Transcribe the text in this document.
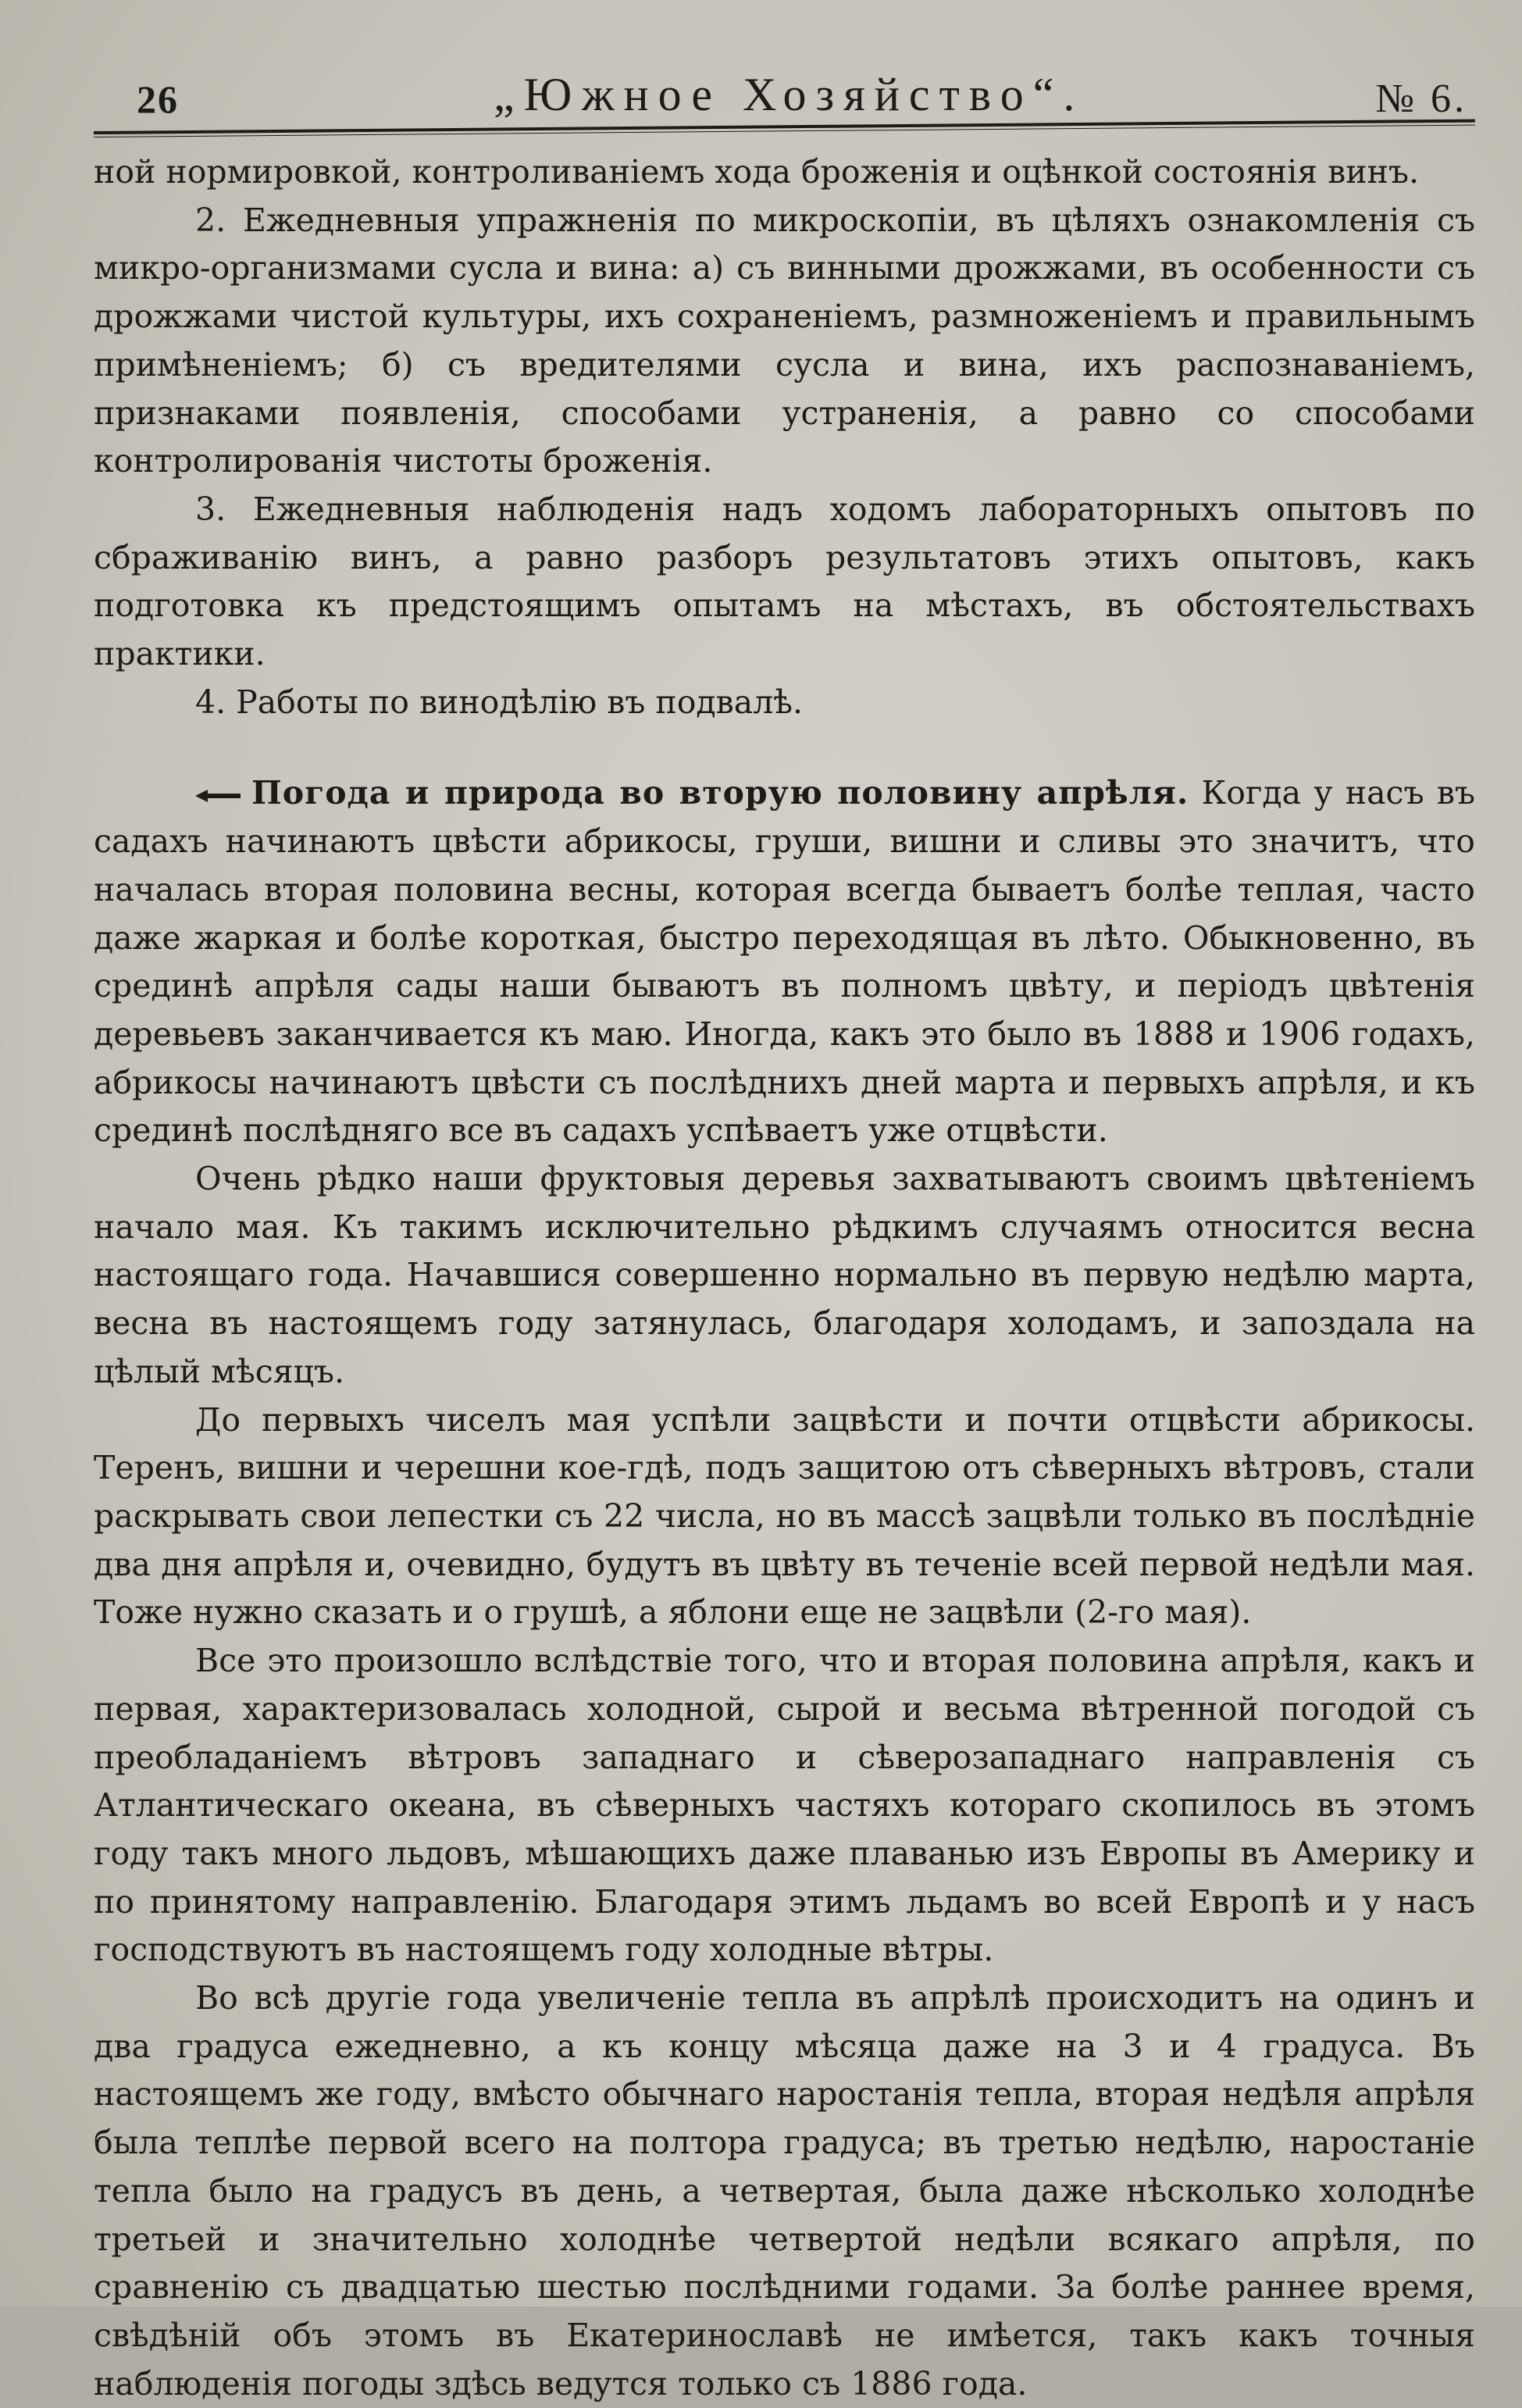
26	„Южное Хозяйство“.	№ 6.

ной нормировкой, контроливаніемъ хода броженія и оцѣнкой состоянія винъ.

2. Ежедневныя упражненія по микроскопіи, въ цѣляхъ ознакомленія съ микро-организмами сусла и вина: а) съ винными дрожжами, въ особенности съ дрожжами чистой культуры, ихъ сохраненіемъ, размноженіемъ и правильнымъ примѣненіемъ; б) съ вредителями сусла и вина, ихъ распознаваніемъ, признаками появленія, способами устраненія, а равно со способами контролированія чистоты броженія.

3. Ежедневныя наблюденія надъ ходомъ лабораторныхъ опытовъ по сбраживанію винъ, а равно разборъ результатовъ этихъ опытовъ, какъ подготовка къ предстоящимъ опытамъ на мѣстахъ, въ обстоятельствахъ практики.

4. Работы по винодѣлію въ подвалѣ.

Погода и природа во вторую половину апрѣля. Когда у насъ въ садахъ начинаютъ цвѣсти абрикосы, груши, вишни и сливы это значитъ, что началась вторая половина весны, которая всегда бываетъ болѣе теплая, часто даже жаркая и болѣе короткая, быстро переходящая въ лѣто. Обыкновенно, въ срединѣ апрѣля сады наши бываютъ въ полномъ цвѣту, и періодъ цвѣтенія деревьевъ заканчивается къ маю. Иногда, какъ это было въ 1888 и 1906 годахъ, абрикосы начинаютъ цвѣсти съ послѣднихъ дней марта и первыхъ апрѣля, и къ срединѣ послѣдняго все въ садахъ успѣваетъ уже отцвѣсти.

Очень рѣдко наши фруктовыя деревья захватываютъ своимъ цвѣтеніемъ начало мая. Къ такимъ исключительно рѣдкимъ случаямъ относится весна настоящаго года. Начавшися совершенно нормально въ первую недѣлю марта, весна въ настоящемъ году затянулась, благодаря холодамъ, и запоздала на цѣлый мѣсяцъ.

До первыхъ чиселъ мая успѣли зацвѣсти и почти отцвѣсти абрикосы. Теренъ, вишни и черешни кое-гдѣ, подъ защитою отъ сѣверныхъ вѣтровъ, стали раскрывать свои лепестки съ 22 числа, но въ массѣ зацвѣли только въ послѣдніе два дня апрѣля и, очевидно, будутъ въ цвѣту въ теченіе всей первой недѣли мая. Тоже нужно сказать и о грушѣ, а яблони еще не зацвѣли (2-го мая).

Все это произошло вслѣдствіе того, что и вторая половина апрѣля, какъ и первая, характеризовалась холодной, сырой и весьма вѣтренной погодой съ преобладаніемъ вѣтровъ западнаго и сѣверозападнаго направленія съ Атлантическаго океана, въ сѣверныхъ частяхъ котораго скопилось въ этомъ году такъ много льдовъ, мѣшающихъ даже плаванью изъ Европы въ Америку и по принятому направленію. Благодаря этимъ льдамъ во всей Европѣ и у насъ господствуютъ въ настоящемъ году холодные вѣтры.

Во всѣ другіе года увеличеніе тепла въ апрѣлѣ происходитъ на одинъ и два градуса ежедневно, а къ концу мѣсяца даже на 3 и 4 градуса. Въ настоящемъ же году, вмѣсто обычнаго наростанія тепла, вторая недѣля апрѣля была теплѣе первой всего на полтора градуса; въ третью недѣлю, наростаніе тепла было на градусъ въ день, а четвертая, была даже нѣсколько холоднѣе третьей и значительно холоднѣе четвертой недѣли всякаго апрѣля, по сравненію съ двадцатью шестью послѣдними годами. За болѣе раннее время, свѣдѣній объ этомъ въ Екатеринославѣ не имѣется, такъ какъ точныя наблюденія погоды здѣсь ведутся только съ 1886 года.
